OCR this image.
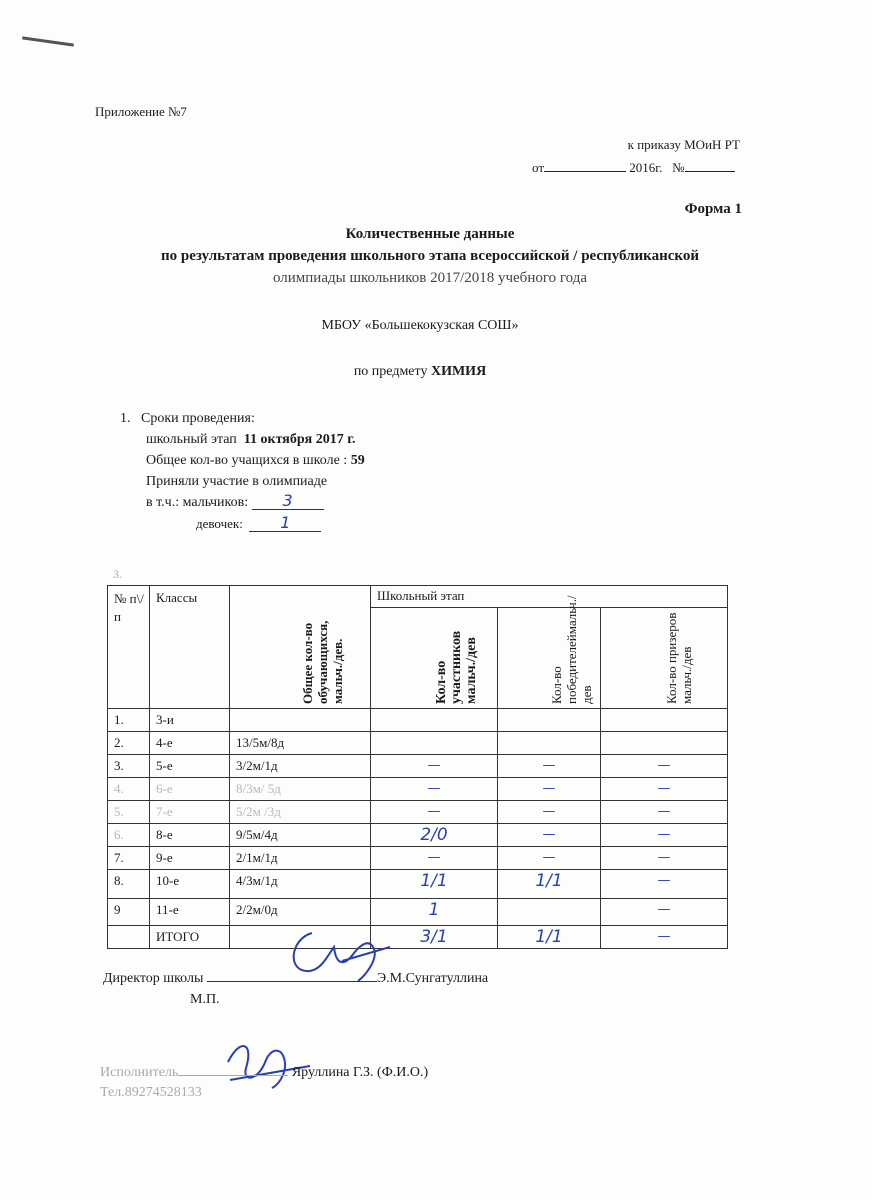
Приложение №7
к приказу МОиН РТ
от	2016г. №
Форма 1
Количественные данные
по результатам проведения школьного этапа всероссийской / республиканской
олимпиады школьников 2017/2018 учебного года
МБОУ «Большекокузская СОШ»
по предмету ХИМИЯ
1. Сроки проведения:
школьный этап 11 октября 2017 г.
Общее кол-во учащихся в школе : 59
Приняли участие в олимпиаде
в т.ч.: мальчиков: 3
девочек: 1
3.
№ п\/ п	Классы	Общее кол-во обучающихся, мальч./дев.	Школьный этап		

			Кол-во участников мальч./дев	Кол-во победителеймальч./дев	Кол-во призеров мальч./дев

1.	3-и				
2.	4-е	13/5м/8д			
3.	5-е	3/2м/1д	—	—	—
4.	6-е	8/3м/ 5д	—	—	—
5.	7-е	5/2м /3д	—	—	—
6.	8-е	9/5м/4д	2/0	—	—
7.	9-е	2/1м/1д	—	—	—
8.	10-е	4/3м/1д	1/1	1/1	—
9	11-е	2/2м/0д	1		—
	ИТОГО		3/1	1/1	—
Директор школы	Э.М.Сунгатуллина
М.П.
Исполнитель	Яруллина Г.З. (Ф.И.О.)
Тел.89274528133
